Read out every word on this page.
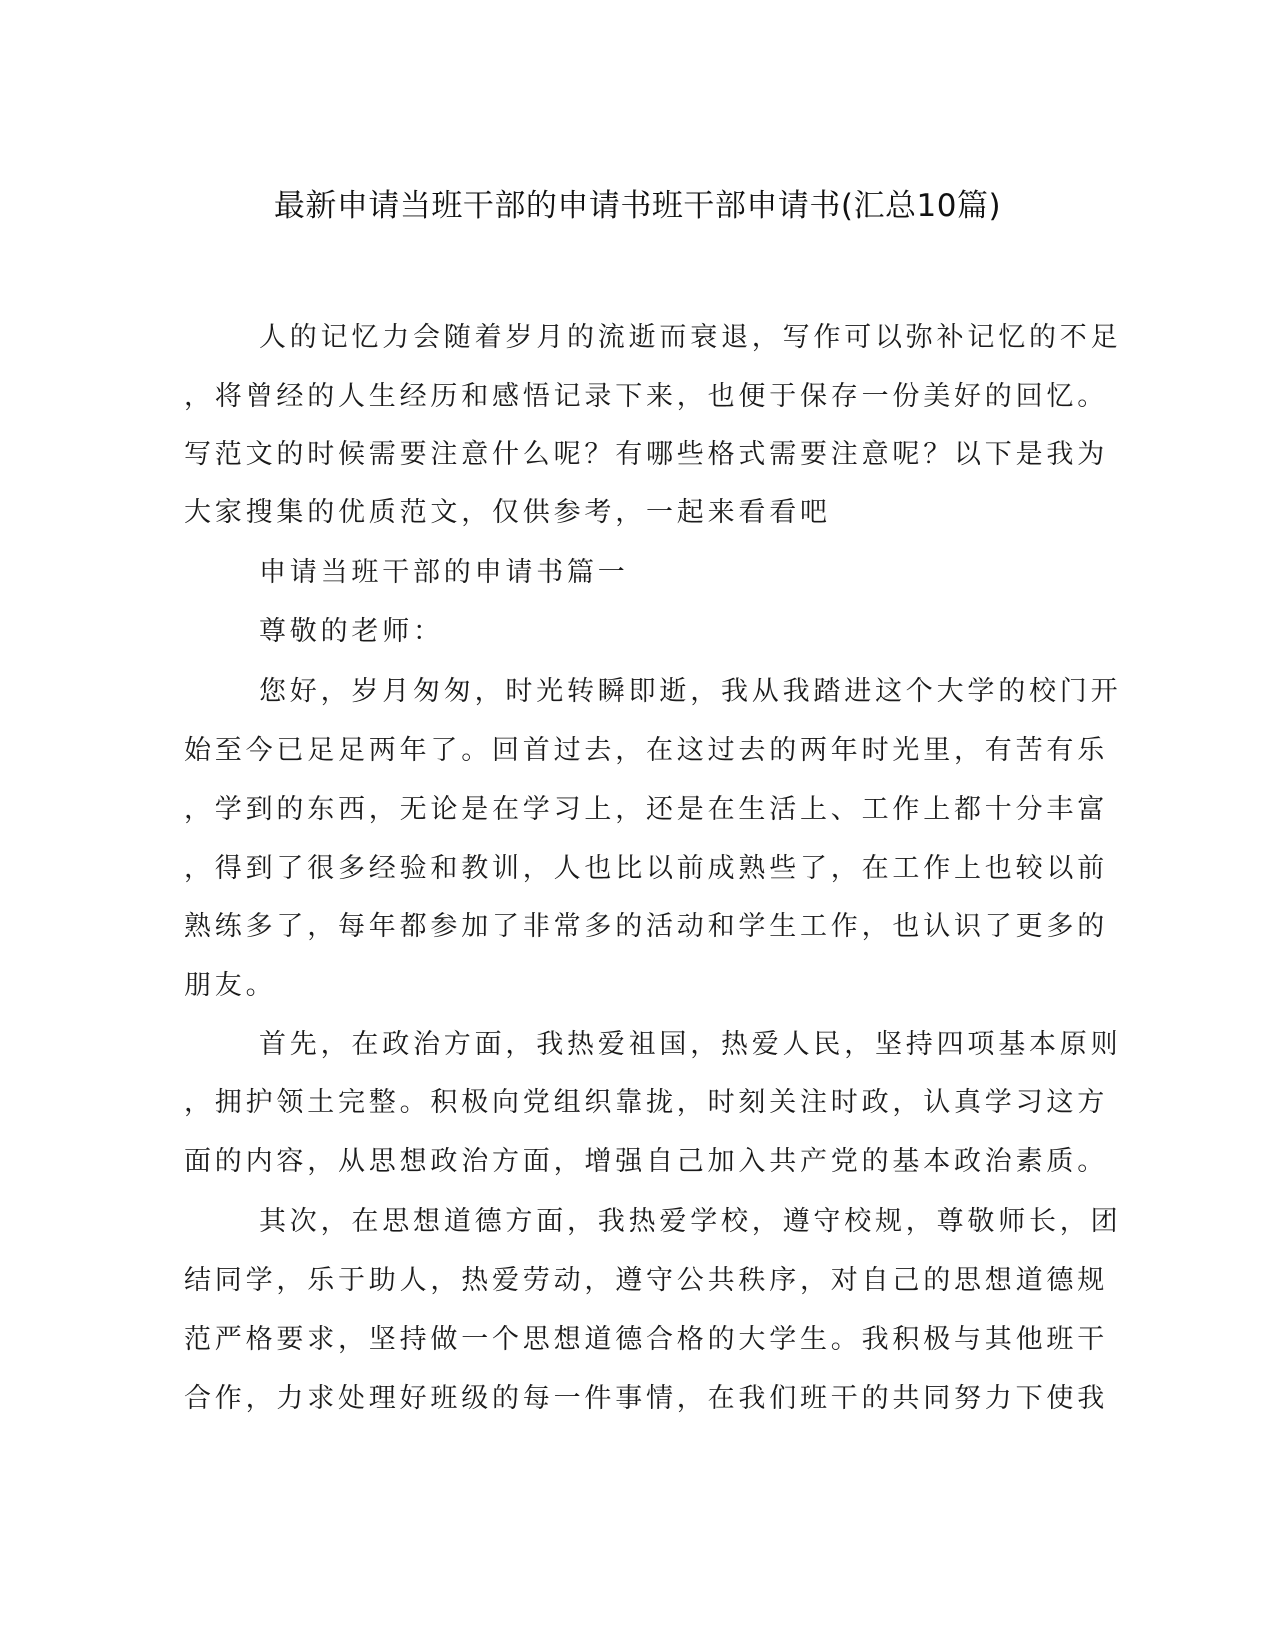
最新申请当班干部的申请书班干部申请书(汇总10篇)

人的记忆力会随着岁月的流逝而衰退，写作可以弥补记忆的不足

，将曾经的人生经历和感悟记录下来，也便于保存一份美好的回忆。

写范文的时候需要注意什么呢？有哪些格式需要注意呢？以下是我为

大家搜集的优质范文，仅供参考，一起来看看吧

申请当班干部的申请书篇一

尊敬的老师：

您好，岁月匆匆，时光转瞬即逝，我从我踏进这个大学的校门开

始至今已足足两年了。回首过去，在这过去的两年时光里，有苦有乐

，学到的东西，无论是在学习上，还是在生活上、工作上都十分丰富

，得到了很多经验和教训，人也比以前成熟些了，在工作上也较以前

熟练多了，每年都参加了非常多的活动和学生工作，也认识了更多的

朋友。

首先，在政治方面，我热爱祖国，热爱人民，坚持四项基本原则

，拥护领土完整。积极向党组织靠拢，时刻关注时政，认真学习这方

面的内容，从思想政治方面，增强自己加入共产党的基本政治素质。

其次，在思想道德方面，我热爱学校，遵守校规，尊敬师长，团

结同学，乐于助人，热爱劳动，遵守公共秩序，对自己的思想道德规

范严格要求，坚持做一个思想道德合格的大学生。我积极与其他班干

合作，力求处理好班级的每一件事情，在我们班干的共同努力下使我
